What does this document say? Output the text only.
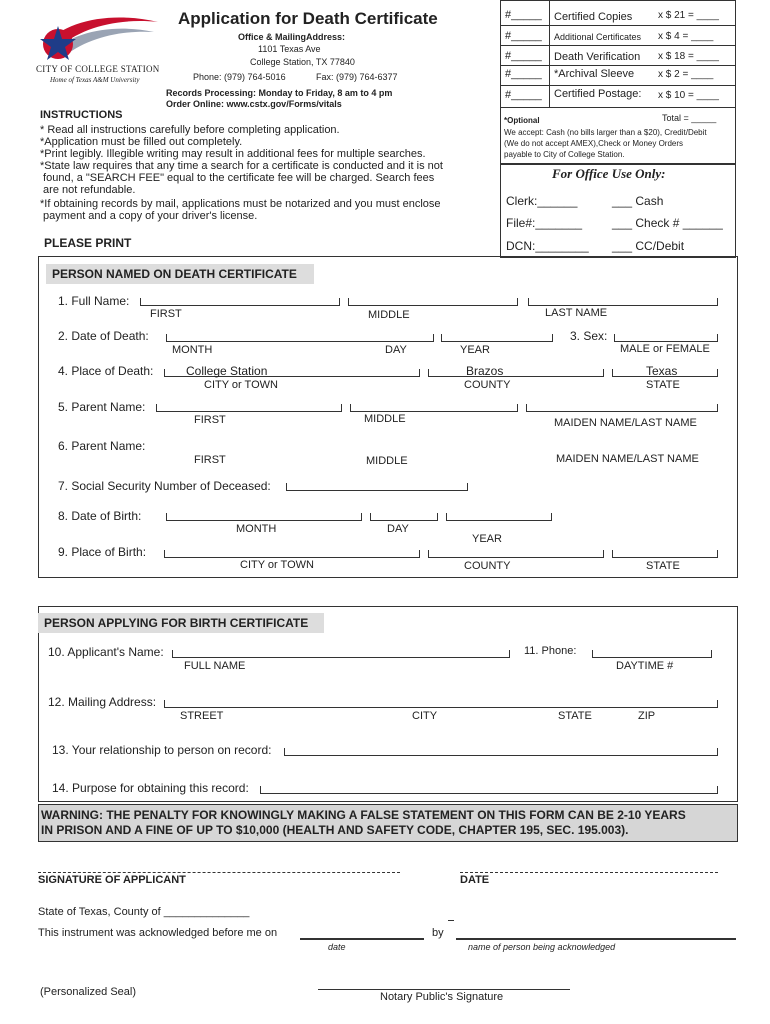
CITY OF COLLEGE STATION
Home of Texas A&M University
Application for Death Certificate
Office & MailingAddress:
1101 Texas Ave
College Station, TX 77840
Phone: (979) 764-5016	Fax: (979) 764-6377
Records Processing: Monday to Friday, 8 am to 4 pm
Order Online: www.cstx.gov/Forms/vitals
#_____ Certified Copies	x $ 21 = ____
#_____ Additional Certificates x $ 4 = ____
#_____ Death Verification x $ 18 = ____
#_____ *Archival Sleeve x $ 2 = ____
#_____ Certified Postage: x $ 10 = ____
*Optional	Total = _____
We accept: Cash (no bills larger than a $20), Credit/Debit
(We do not accept AMEX),Check or Money Orders
payable to City of College Station.
For Office Use Only:
Clerk:______	___ Cash
File#:_______ ___ Check # ______
DCN:________ ___ CC/Debit
INSTRUCTIONS
* Read all instructions carefully before completing application.
*Application must be filled out completely.
*Print legibly. Illegible writing may result in additional fees for multiple searches.
*State law requires that any time a search for a certificate is conducted and it is not
found, a "SEARCH FEE" equal to the certificate fee will be charged. Search fees
are not refundable.
*If obtaining records by mail, applications must be notarized and you must enclose
payment and a copy of your driver's license.
PLEASE PRINT
PERSON NAMED ON DEATH CERTIFICATE
1. Full Name:
FIRST	MIDDLE	LAST NAME
2. Date of Death:	3. Sex:
MONTH	DAY	YEAR	MALE or FEMALE
4. Place of Death:	College Station	Brazos	Texas
CITY or TOWN	COUNTY	STATE
5. Parent Name:
FIRST	MIDDLE	MAIDEN NAME/LAST NAME
6. Parent Name:
FIRST	MIDDLE	MAIDEN NAME/LAST NAME
7. Social Security Number of Deceased:
8. Date of Birth:
MONTH	DAY
YEAR
9. Place of Birth:
CITY or TOWN	COUNTY	STATE
PERSON APPLYING FOR BIRTH CERTIFICATE
10. Applicant's Name:
FULL NAME
11. Phone:
DAYTIME #
12. Mailing Address:
STREET	CITY	STATE	ZIP
13. Your relationship to person on record:
14. Purpose for obtaining this record:
WARNING: THE PENALTY FOR KNOWINGLY MAKING A FALSE STATEMENT ON THIS FORM CAN BE 2-10 YEARS
IN PRISON AND A FINE OF UP TO $10,000 (HEALTH AND SAFETY CODE, CHAPTER 195, SEC. 195.003).
SIGNATURE OF APPLICANT	DATE
State of Texas, County of ______________
This instrument was acknowledged before me on	by
date	name of person being acknowledged
(Personalized Seal)	Notary Public's Signature
